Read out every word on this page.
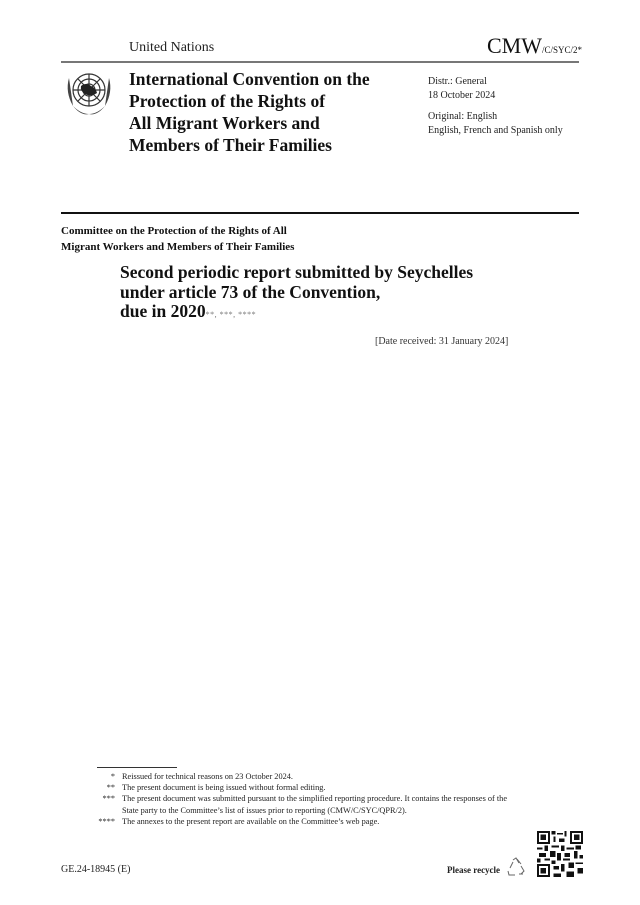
United Nations	CMW/C/SYC/2*
International Convention on the
Protection of the Rights of
All Migrant Workers and
Members of Their Families
Distr.: General
18 October 2024
Original: English
English, French and Spanish only
Committee on the Protection of the Rights of All
Migrant Workers and Members of Their Families
Second periodic report submitted by Seychelles
under article 73 of the Convention,
due in 2020**, ***, ****
[Date received: 31 January 2024]
* Reissued for technical reasons on 23 October 2024.
** The present document is being issued without formal editing.
*** The present document was submitted pursuant to the simplified reporting procedure. It contains the responses of the State party to the Committee’s list of issues prior to reporting (CMW/C/SYC/QPR/2).
**** The annexes to the present report are available on the Committee’s web page.
GE.24-18945 (E)	Please recycle
